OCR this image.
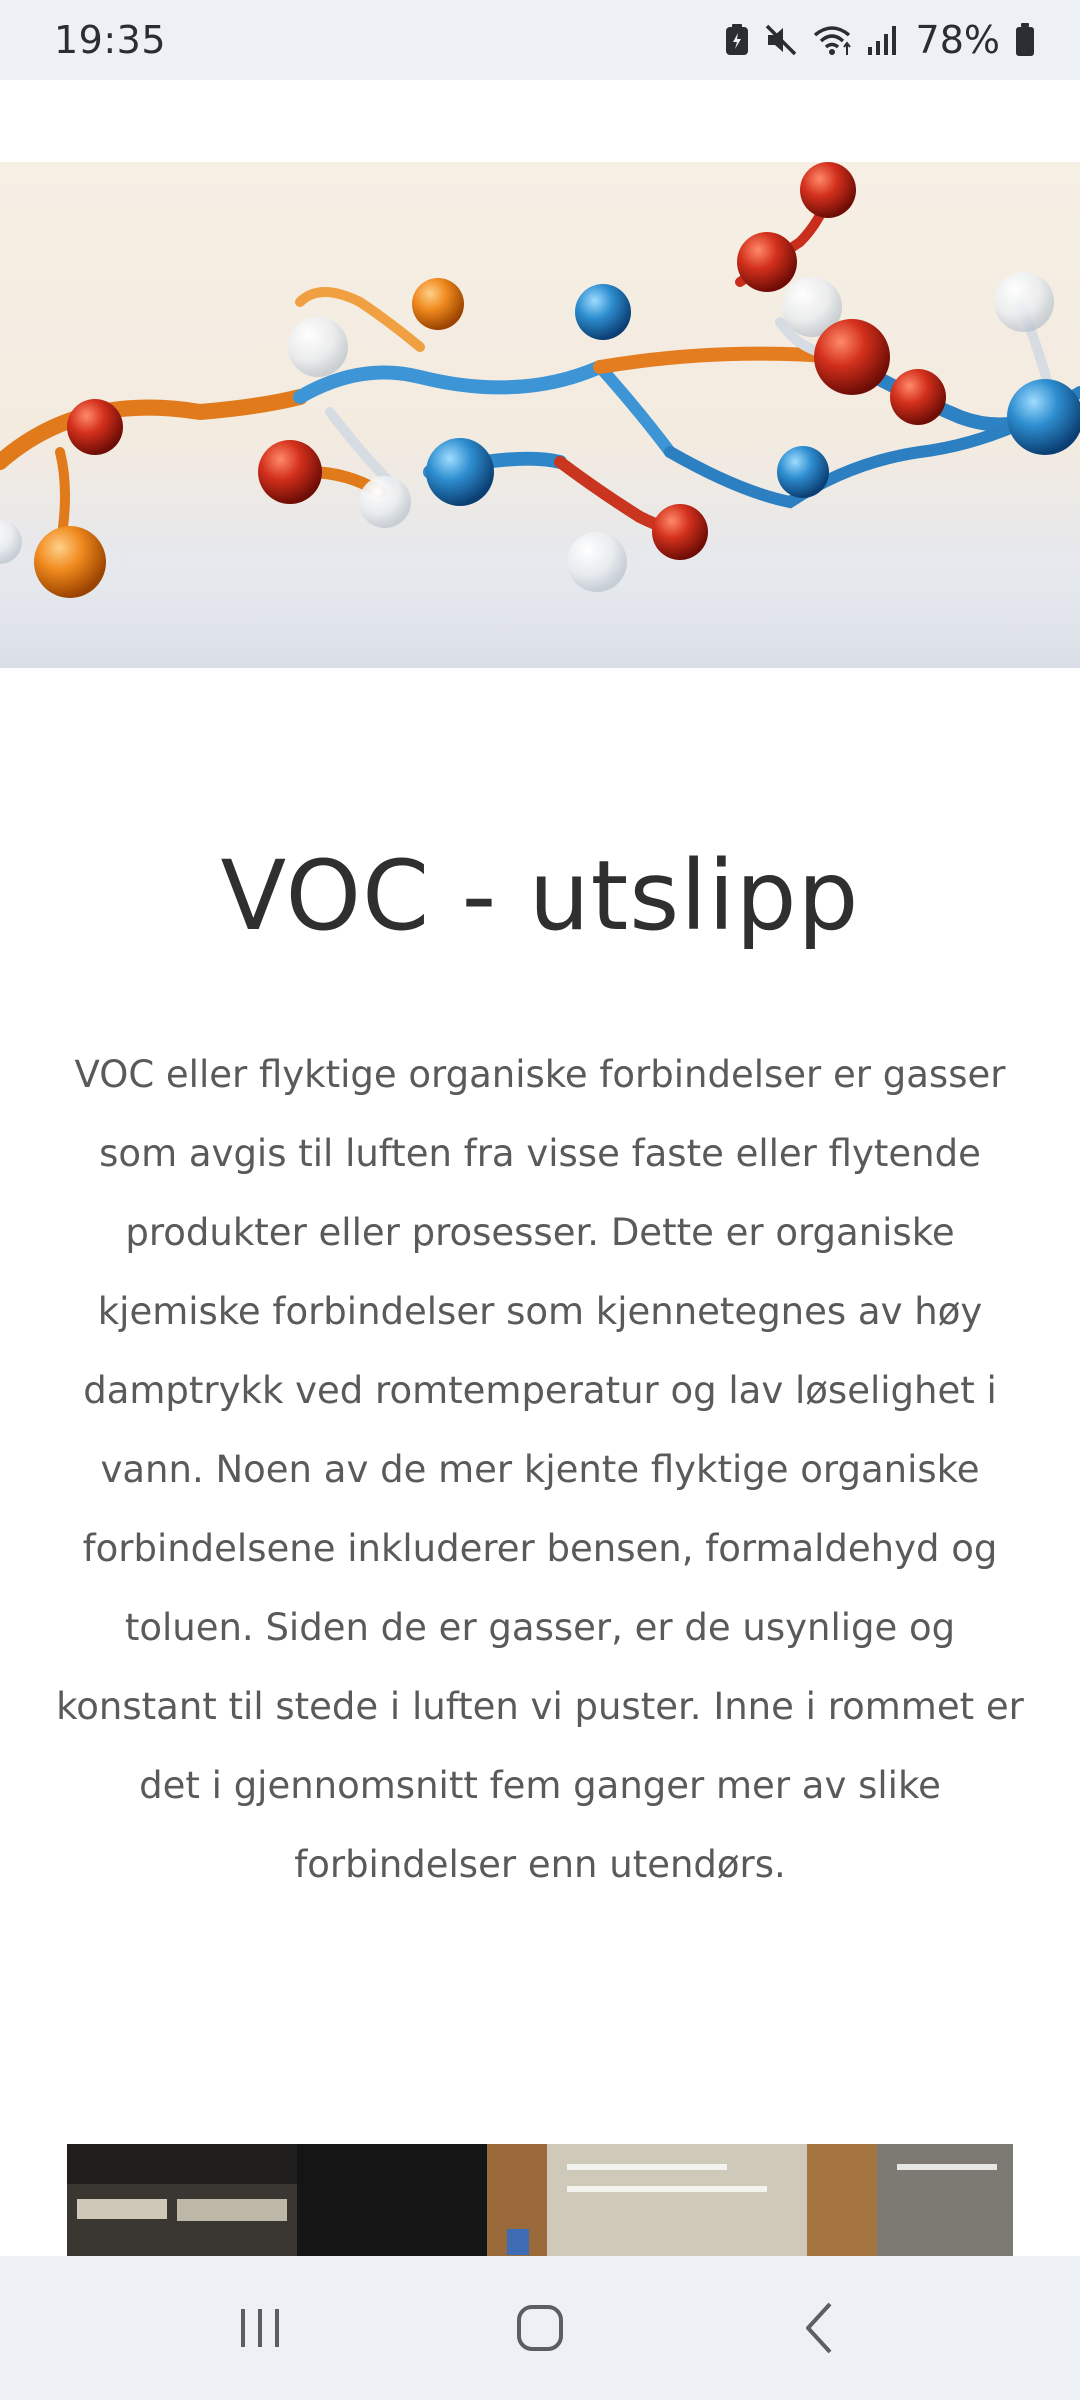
19:35	78%
VOC - utslipp

VOC eller flyktige organiske forbindelser er gasser som avgis til luften fra visse faste eller flytende produkter eller prosesser. Dette er organiske kjemiske forbindelser som kjennetegnes av høy damptrykk ved romtemperatur og lav løselighet i vann. Noen av de mer kjente flyktige organiske forbindelsene inkluderer bensen, formaldehyd og toluen. Siden de er gasser, er de usynlige og konstant til stede i luften vi puster. Inne i rommet er det i gjennomsnitt fem ganger mer av slike forbindelser enn utendørs.
